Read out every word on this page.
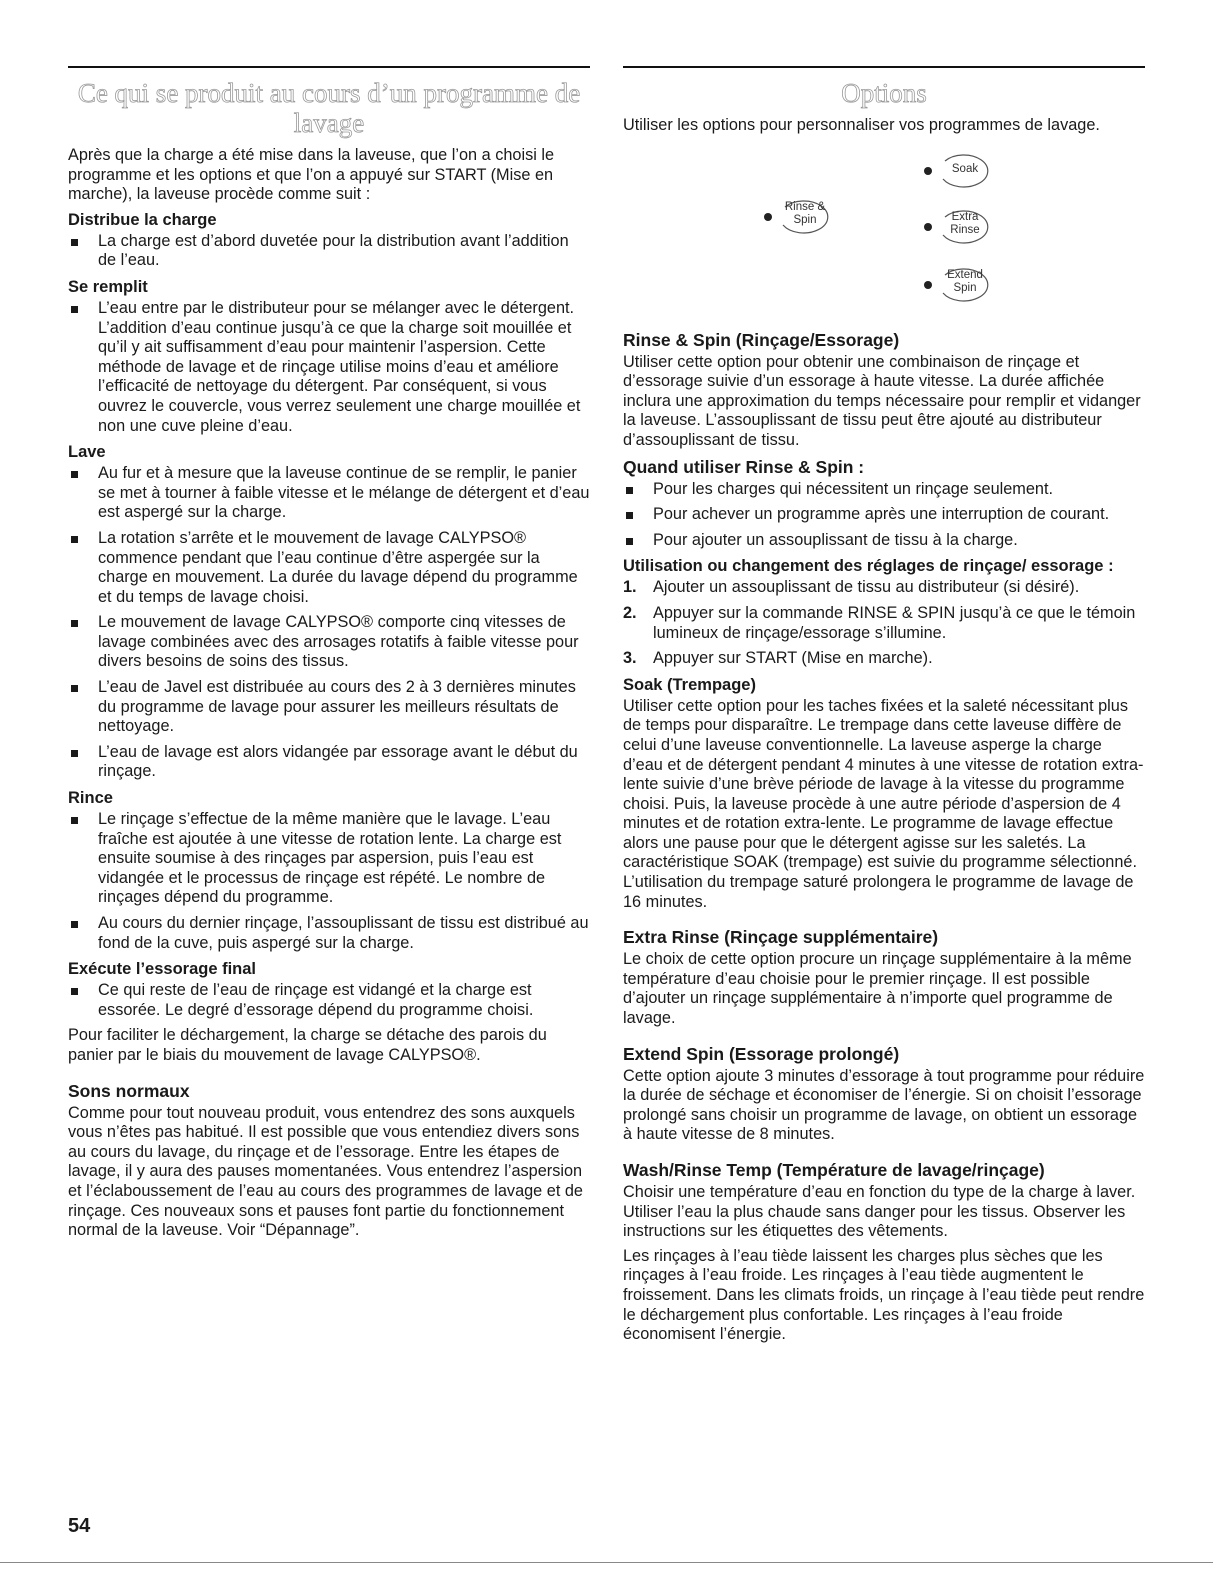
Ce qui se produit au cours d’un programme de lavage

Après que la charge a été mise dans la laveuse, que l’on a choisi le programme et les options et que l’on a appuyé sur START (Mise en marche), la laveuse procède comme suit :

Distribue la charge
La charge est d’abord duvetée pour la distribution avant l’addition de l’eau.
Se remplit
L’eau entre par le distributeur pour se mélanger avec le détergent. L’addition d’eau continue jusqu’à ce que la charge soit mouillée et qu’il y ait suffisamment d’eau pour maintenir l’aspersion. Cette méthode de lavage et de rinçage utilise moins d’eau et améliore l’efficacité de nettoyage du détergent. Par conséquent, si vous ouvrez le couvercle, vous verrez seulement une charge mouillée et non une cuve pleine d’eau.
Lave
Au fur et à mesure que la laveuse continue de se remplir, le panier se met à tourner à faible vitesse et le mélange de détergent et d’eau est aspergé sur la charge.
La rotation s’arrête et le mouvement de lavage CALYPSO® commence pendant que l’eau continue d’être aspergée sur la charge en mouvement. La durée du lavage dépend du programme et du temps de lavage choisi.
Le mouvement de lavage CALYPSO® comporte cinq vitesses de lavage combinées avec des arrosages rotatifs à faible vitesse pour divers besoins de soins des tissus.
L’eau de Javel est distribuée au cours des 2 à 3 dernières minutes du programme de lavage pour assurer les meilleurs résultats de nettoyage.
L’eau de lavage est alors vidangée par essorage avant le début du rinçage.
Rince
Le rinçage s’effectue de la même manière que le lavage. L’eau fraîche est ajoutée à une vitesse de rotation lente. La charge est ensuite soumise à des rinçages par aspersion, puis l’eau est vidangée et le processus de rinçage est répété. Le nombre de rinçages dépend du programme.
Au cours du dernier rinçage, l’assouplissant de tissu est distribué au fond de la cuve, puis aspergé sur la charge.
Exécute l’essorage final
Ce qui reste de l’eau de rinçage est vidangé et la charge est essorée. Le degré d’essorage dépend du programme choisi.

Pour faciliter le déchargement, la charge se détache des parois du panier par le biais du mouvement de lavage CALYPSO®.

Sons normaux

Comme pour tout nouveau produit, vous entendrez des sons auxquels vous n’êtes pas habitué. Il est possible que vous entendiez divers sons au cours du lavage, du rinçage et de l’essorage. Entre les étapes de lavage, il y aura des pauses momentanées. Vous entendrez l’aspersion et l’éclaboussement de l’eau au cours des programmes de lavage et de rinçage. Ces nouveaux sons et pauses font partie du fonctionnement normal de la laveuse. Voir “Dépannage”.

Options

Utiliser les options pour personnaliser vos programmes de lavage.

Soak
Rinse &
Spin	Extra
Rinse
Extend
Spin
Rinse & Spin (Rinçage/Essorage)

Utiliser cette option pour obtenir une combinaison de rinçage et d’essorage suivie d’un essorage à haute vitesse. La durée affichée inclura une approximation du temps nécessaire pour remplir et vidanger la laveuse. L’assouplissant de tissu peut être ajouté au distributeur d’assouplissant de tissu.

Quand utiliser Rinse & Spin :
Pour les charges qui nécessitent un rinçage seulement.
Pour achever un programme après une interruption de courant.
Pour ajouter un assouplissant de tissu à la charge.
Utilisation ou changement des réglages de rinçage/ essorage :
1. Ajouter un assouplissant de tissu au distributeur (si désiré).
2. Appuyer sur la commande RINSE & SPIN jusqu’à ce que le témoin lumineux de rinçage/essorage s’illumine.
3. Appuyer sur START (Mise en marche).
Soak (Trempage)

Utiliser cette option pour les taches fixées et la saleté nécessitant plus de temps pour disparaître. Le trempage dans cette laveuse diffère de celui d’une laveuse conventionnelle. La laveuse asperge la charge d’eau et de détergent pendant 4 minutes à une vitesse de rotation extra-lente suivie d’une brève période de lavage à la vitesse du programme choisi. Puis, la laveuse procède à une autre période d’aspersion de 4 minutes et de rotation extra-lente. Le programme de lavage effectue alors une pause pour que le détergent agisse sur les saletés. La caractéristique SOAK (trempage) est suivie du programme sélectionné. L’utilisation du trempage saturé prolongera le programme de lavage de 16 minutes.

Extra Rinse (Rinçage supplémentaire)

Le choix de cette option procure un rinçage supplémentaire à la même température d’eau choisie pour le premier rinçage. Il est possible d’ajouter un rinçage supplémentaire à n’importe quel programme de lavage.

Extend Spin (Essorage prolongé)

Cette option ajoute 3 minutes d’essorage à tout programme pour réduire la durée de séchage et économiser de l’énergie. Si on choisit l’essorage prolongé sans choisir un programme de lavage, on obtient un essorage à haute vitesse de 8 minutes.

Wash/Rinse Temp (Température de lavage/rinçage)

Choisir une température d’eau en fonction du type de la charge à laver. Utiliser l’eau la plus chaude sans danger pour les tissus. Observer les instructions sur les étiquettes des vêtements.

Les rinçages à l’eau tiède laissent les charges plus sèches que les rinçages à l’eau froide. Les rinçages à l’eau tiède augmentent le froissement. Dans les climats froids, un rinçage à l’eau tiède peut rendre le déchargement plus confortable. Les rinçages à l’eau froide économisent l’énergie.

54
